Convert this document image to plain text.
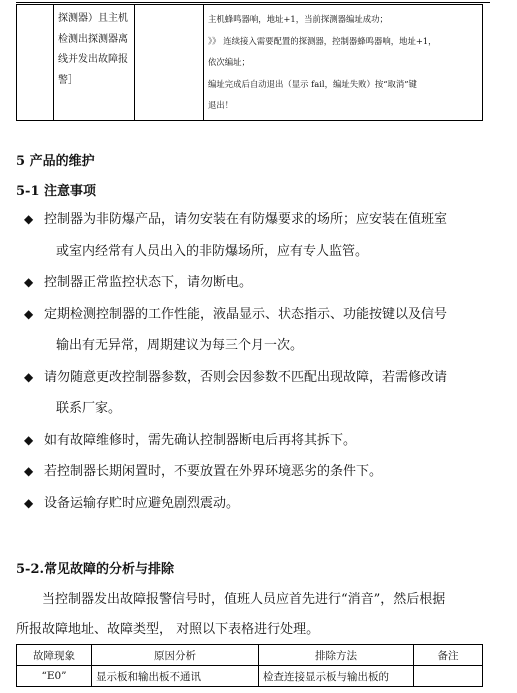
探测器）且主机
检测出探测器离
线并发出故障报
警］

主机蜂鸣器响，地址+1，当前探测器编址成功；
》》 连续接入需要配置的探测器，控制器蜂鸣器响，地址+1，
依次编址；
编址完成后自动退出（显示 fail，编址失败）按“取消”键
退出！
5 产品的维护
5-1 注意事项
◆ 控制器为非防爆产品，请勿安装在有防爆要求的场所；应安装在值班室
或室内经常有人员出入的非防爆场所，应有专人监管。
◆ 控制器正常监控状态下，请勿断电。
◆ 定期检测控制器的工作性能，液晶显示、状态指示、功能按键以及信号
输出有无异常，周期建议为每三个月一次。
◆ 请勿随意更改控制器参数，否则会因参数不匹配出现故障，若需修改请
联系厂家。
◆ 如有故障维修时，需先确认控制器断电后再将其拆下。
◆ 若控制器长期闲置时，不要放置在外界环境恶劣的条件下。
◆ 设备运输存贮时应避免剧烈震动。
5-2.常见故障的分析与排除
当控制器发出故障报警信号时，值班人员应首先进行“消音”，然后根据
所报故障地址、故障类型， 对照以下表格进行处理。
故障现象	原因分析	排除方法	备注
“E0”	显示板和输出板不通讯	检查连接显示板与输出板的	
